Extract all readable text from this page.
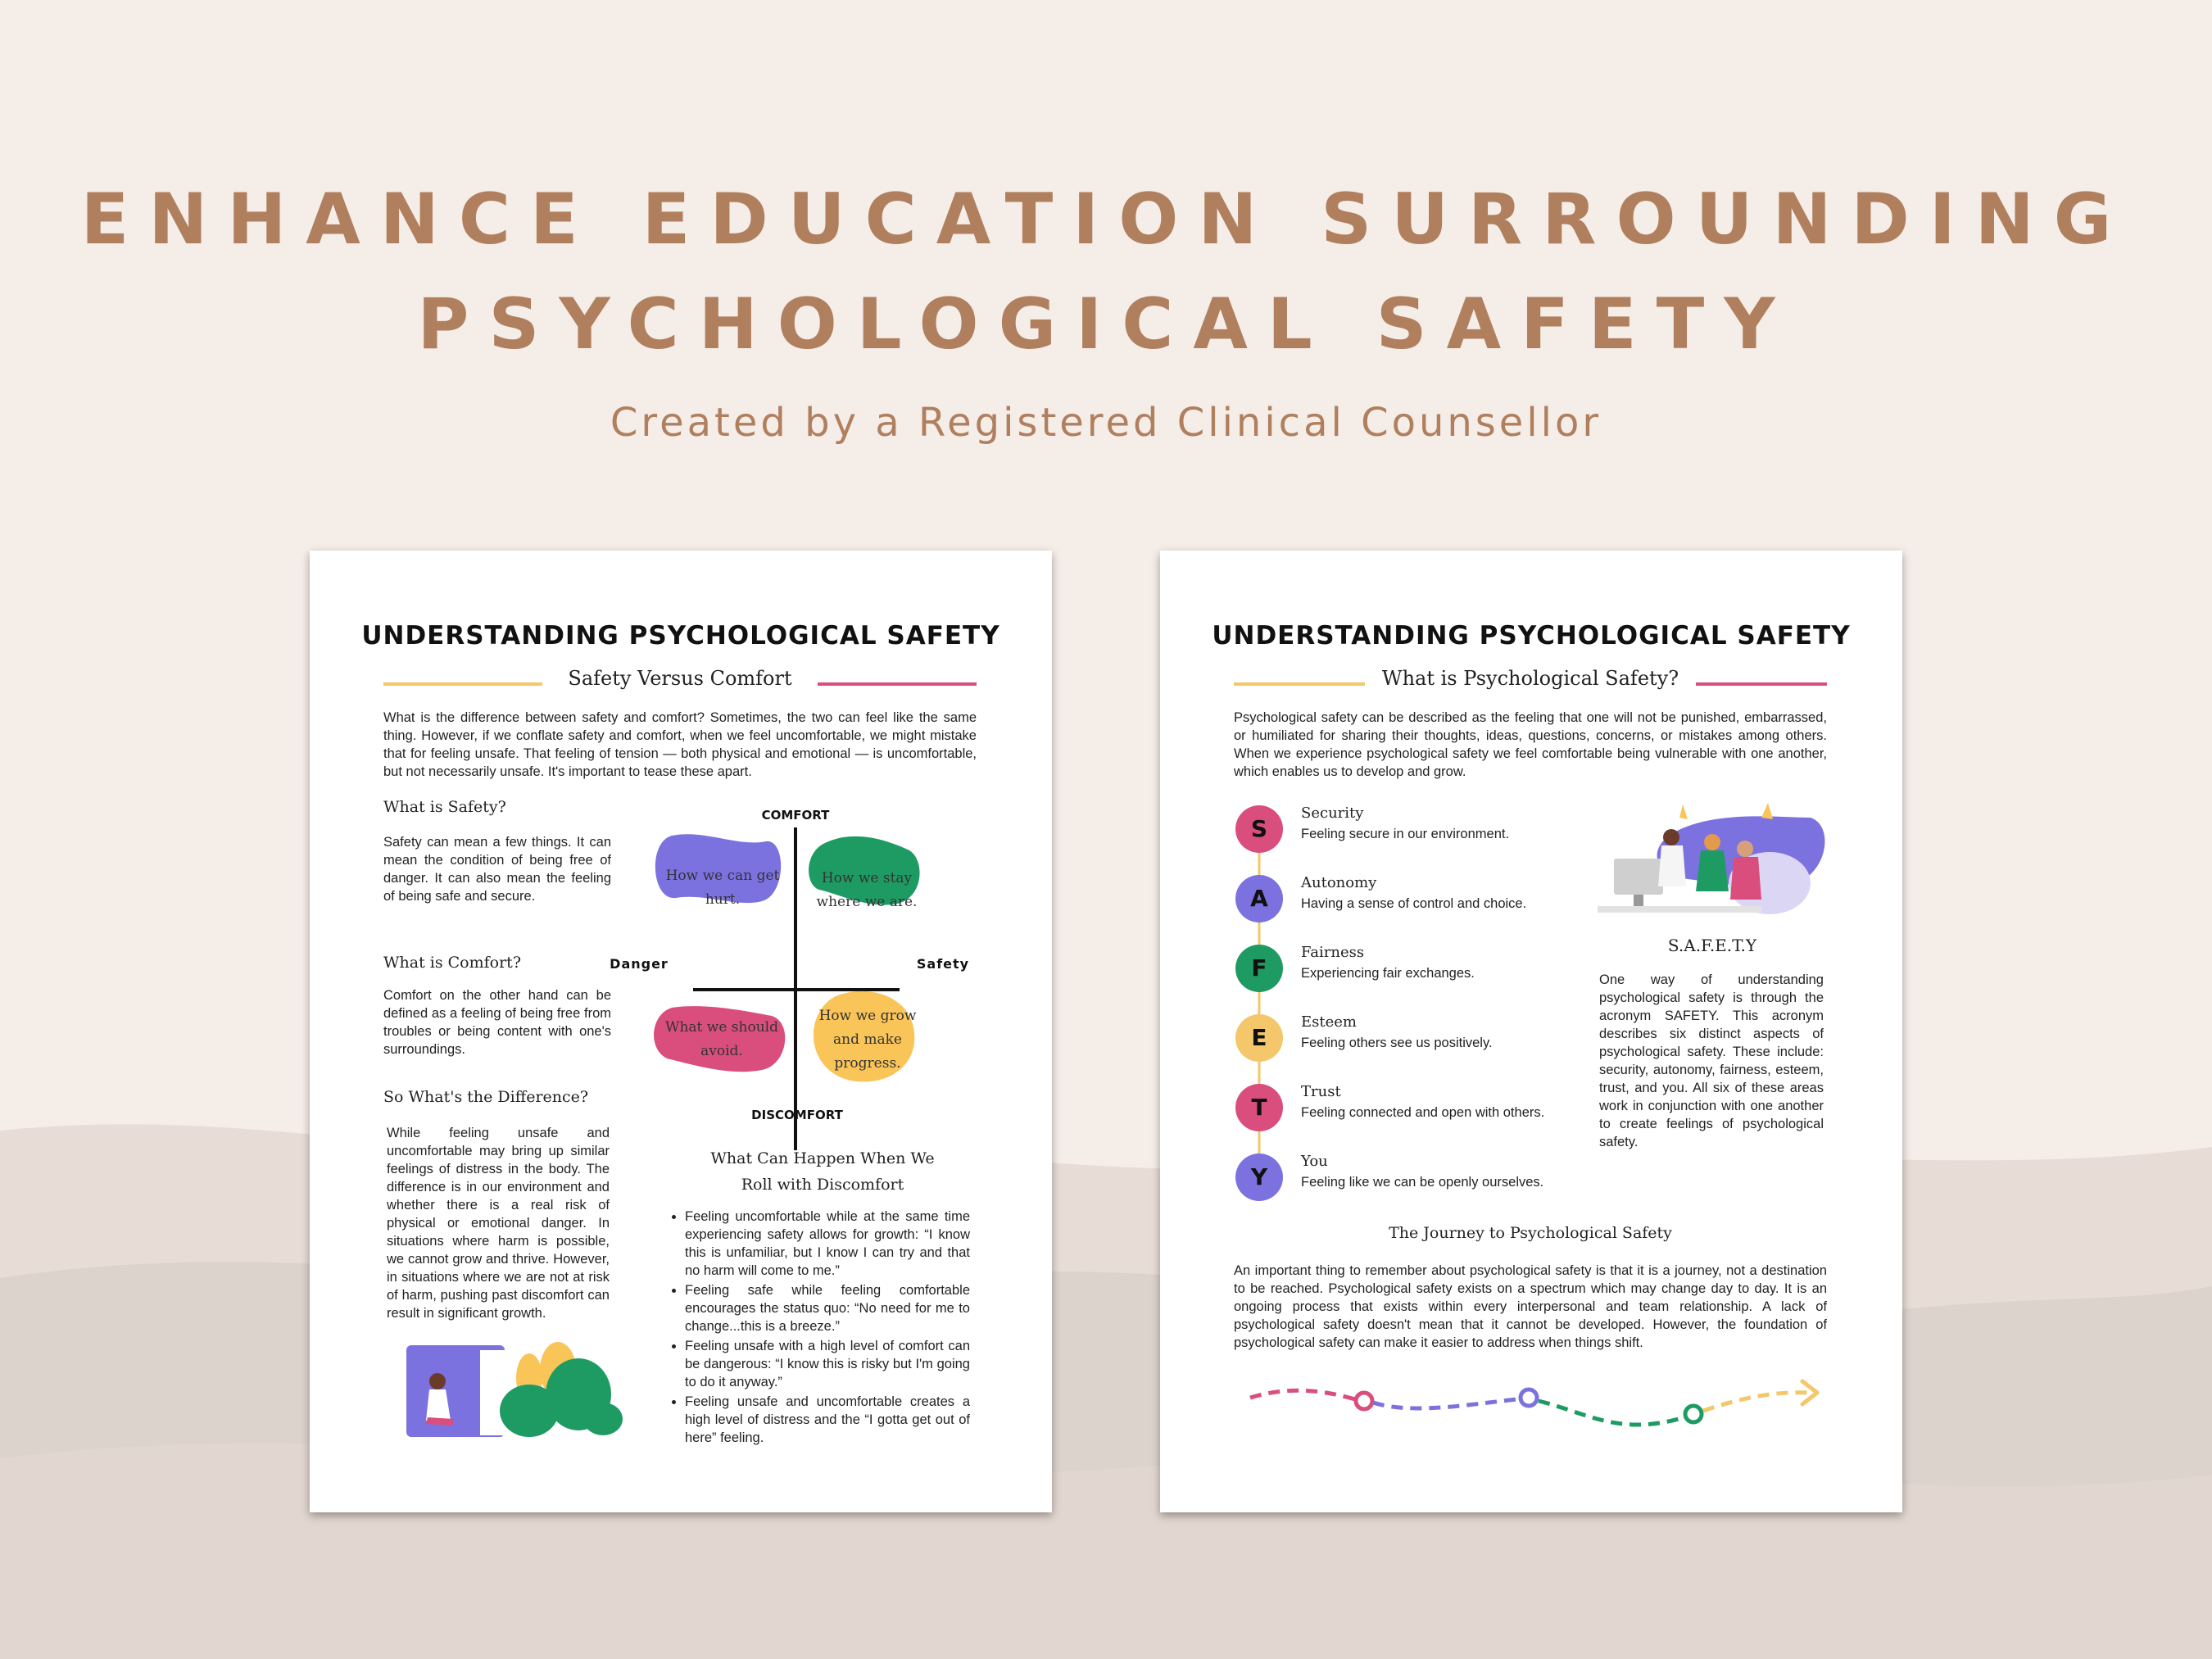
ENHANCE EDUCATION SURROUNDING
PSYCHOLOGICAL SAFETY
Created by a Registered Clinical Counsellor
UNDERSTANDING PSYCHOLOGICAL SAFETY
Safety Versus Comfort

What is the difference between safety and comfort? Sometimes, the two can feel like the same thing. However, if we conflate safety and comfort, when we feel uncomfortable, we might mistake that for feeling unsafe. That feeling of tension — both physical and emotional — is uncomfortable, but not necessarily unsafe. It's important to tease these apart.

What is Safety?

Safety can mean a few things. It can mean the condition of being free of danger. It can also mean the feeling of being safe and secure.

What is Comfort?

Comfort on the other hand can be defined as a feeling of being free from troubles or being content with one's surroundings.

So What's the Difference?

While feeling unsafe and uncomfortable may bring up similar feelings of distress in the body. The difference is in our environment and whether there is a real risk of physical or emotional danger. In situations where harm is possible, we cannot grow and thrive. However, in situations where we are not at risk of harm, pushing past discomfort can result in significant growth.

COMFORT
DISCOMFORT
Danger	Safety
How we can get hurt.
How we stay where we are.
What we should avoid.
How we grow and make progress.
What Can Happen When We Roll with Discomfort
• Feeling uncomfortable while at the same time experiencing safety allows for growth: “I know this is unfamiliar, but I know I can try and that no harm will come to me.”
• Feeling safe while feeling comfortable encourages the status quo: “No need for me to change...this is a breeze.”
• Feeling unsafe with a high level of comfort can be dangerous: “I know this is risky but I'm going to do it anyway.”
• Feeling unsafe and uncomfortable creates a high level of distress and the “I gotta get out of here” feeling.
UNDERSTANDING PSYCHOLOGICAL SAFETY
What is Psychological Safety?

Psychological safety can be described as the feeling that one will not be punished, embarrassed, or humiliated for sharing their thoughts, ideas, questions, concerns, or mistakes among others. When we experience psychological safety we feel comfortable being vulnerable with one another, which enables us to develop and grow.

S
Security
Feeling secure in our environment.
A
Autonomy
Having a sense of control and choice.
F
Fairness
Experiencing fair exchanges.
E
Esteem
Feeling others see us positively.
T
Trust
Feeling connected and open with others.
Y
You
Feeling like we can be openly ourselves.
S.A.F.E.T.Y

One way of understanding psychological safety is through the acronym SAFETY. This acronym describes six distinct aspects of psychological safety. These include: security, autonomy, fairness, esteem, trust, and you. All six of these areas work in conjunction with one another to create feelings of psychological safety.

The Journey to Psychological Safety

An important thing to remember about psychological safety is that it is a journey, not a destination to be reached. Psychological safety exists on a spectrum which may change day to day. It is an ongoing process that exists within every interpersonal and team relationship. A lack of psychological safety doesn't mean that it cannot be developed. However, the foundation of psychological safety can make it easier to address when things shift.
